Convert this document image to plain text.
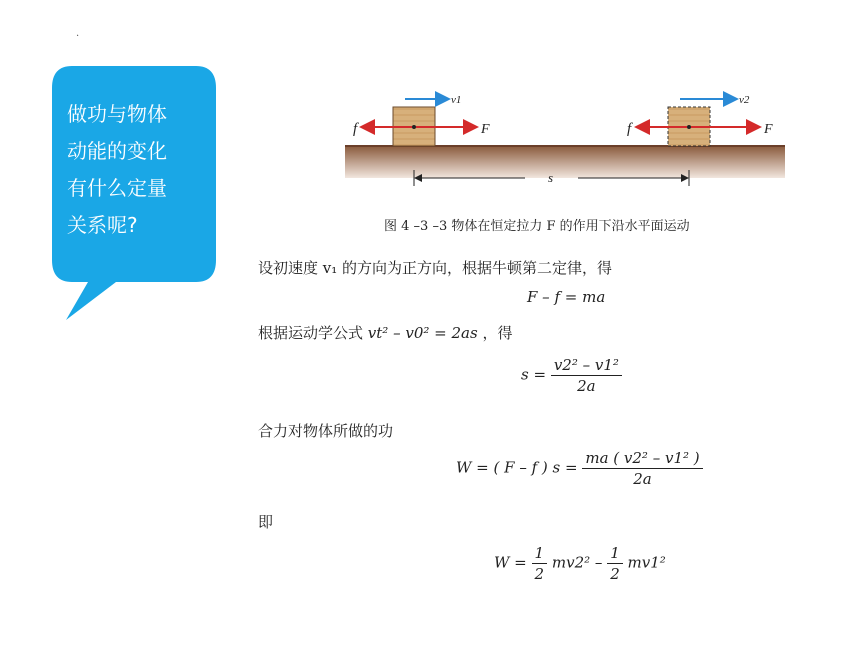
.
做功与物体
动能的变化
有什么定量
关系呢?
f	F
v1
f	F
v2
s
图 4 –3 –3 物体在恒定拉力 F 的作用下沿水平面运动
设初速度 v₁ 的方向为正方向，根据牛顿第二定律，得
F – f = ma
根据运动学公式 vt² – v0² = 2as ，得
$s = \frac{\text{v2² – v1²}}{2a}$
合力对物体所做的功
W = ( F – f ) $s = \frac{\text{ma ( v2² – v1² )}}{2a}$
即
$W = \frac{1}{2} mv2^2 - \frac{1}{2} mv1^2$
